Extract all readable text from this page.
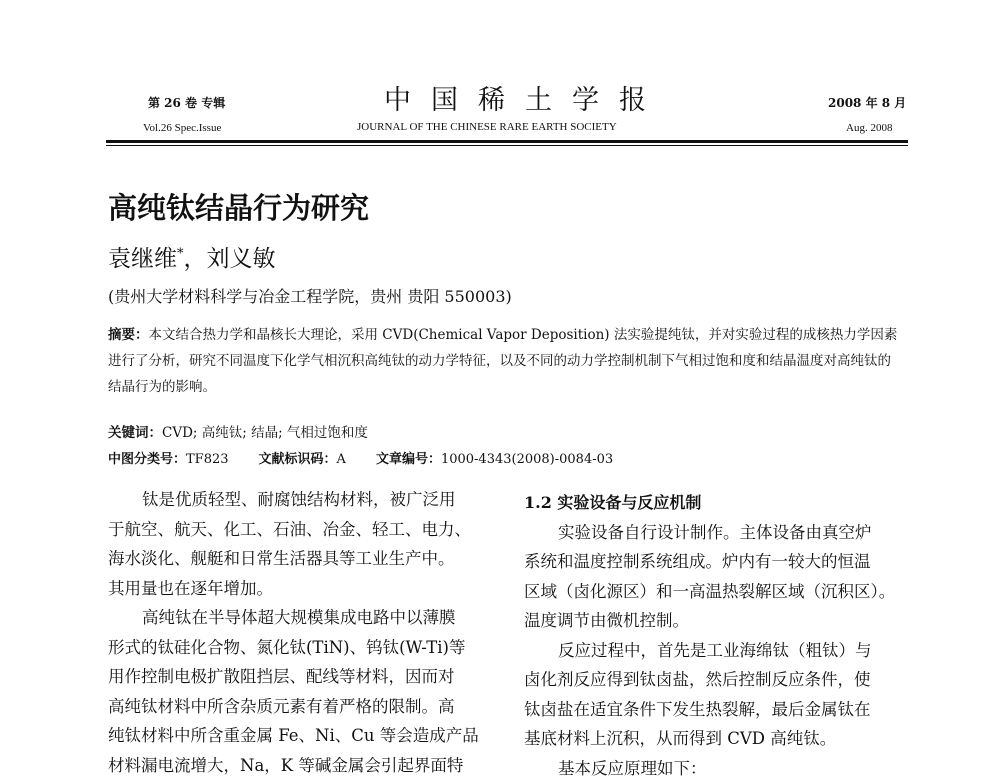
第 26 卷 专辑
Vol.26 Spec.Issue
中国稀土学报
JOURNAL OF THE CHINESE RARE EARTH SOCIETY
2008 年 8 月
Aug. 2008
高纯钛结晶行为研究
袁继维*，刘义敏
(贵州大学材料科学与冶金工程学院，贵州 贵阳 550003)
摘要：本文结合热力学和晶核长大理论，采用 CVD(Chemical Vapor Deposition) 法实验提纯钛，并对实验过程的成核热力学因素进行了分析，研究不同温度下化学气相沉积高纯钛的动力学特征，以及不同的动力学控制机制下气相过饱和度和结晶温度对高纯钛的结晶行为的影响。
关键词：CVD; 高纯钛; 结晶; 气相过饱和度
中图分类号：TF823 文献标识码：A 文章编号：1000-4343(2008)-0084-03
钛是优质轻型、耐腐蚀结构材料，被广泛用
于航空、航天、化工、石油、冶金、轻工、电力、
海水淡化、舰艇和日常生活器具等工业生产中。
其用量也在逐年增加。
高纯钛在半导体超大规模集成电路中以薄膜
形式的钛硅化合物、氮化钛(TiN)、钨钛(W-Ti)等
用作控制电极扩散阻挡层、配线等材料，因而对
高纯钛材料中所含杂质元素有着严格的限制。高
纯钛材料中所含重金属 Fe、Ni、Cu 等会造成产品
材料漏电流增大，Na，K 等碱金属会引起界面特
1.2 实验设备与反应机制
实验设备自行设计制作。主体设备由真空炉
系统和温度控制系统组成。炉内有一较大的恒温
区域（卤化源区）和一高温热裂解区域（沉积区）。
温度调节由微机控制。
反应过程中，首先是工业海绵钛（粗钛）与
卤化剂反应得到钛卤盐，然后控制反应条件，使
钛卤盐在适宜条件下发生热裂解，最后金属钛在
基底材料上沉积，从而得到 CVD 高纯钛。
基本反应原理如下：
